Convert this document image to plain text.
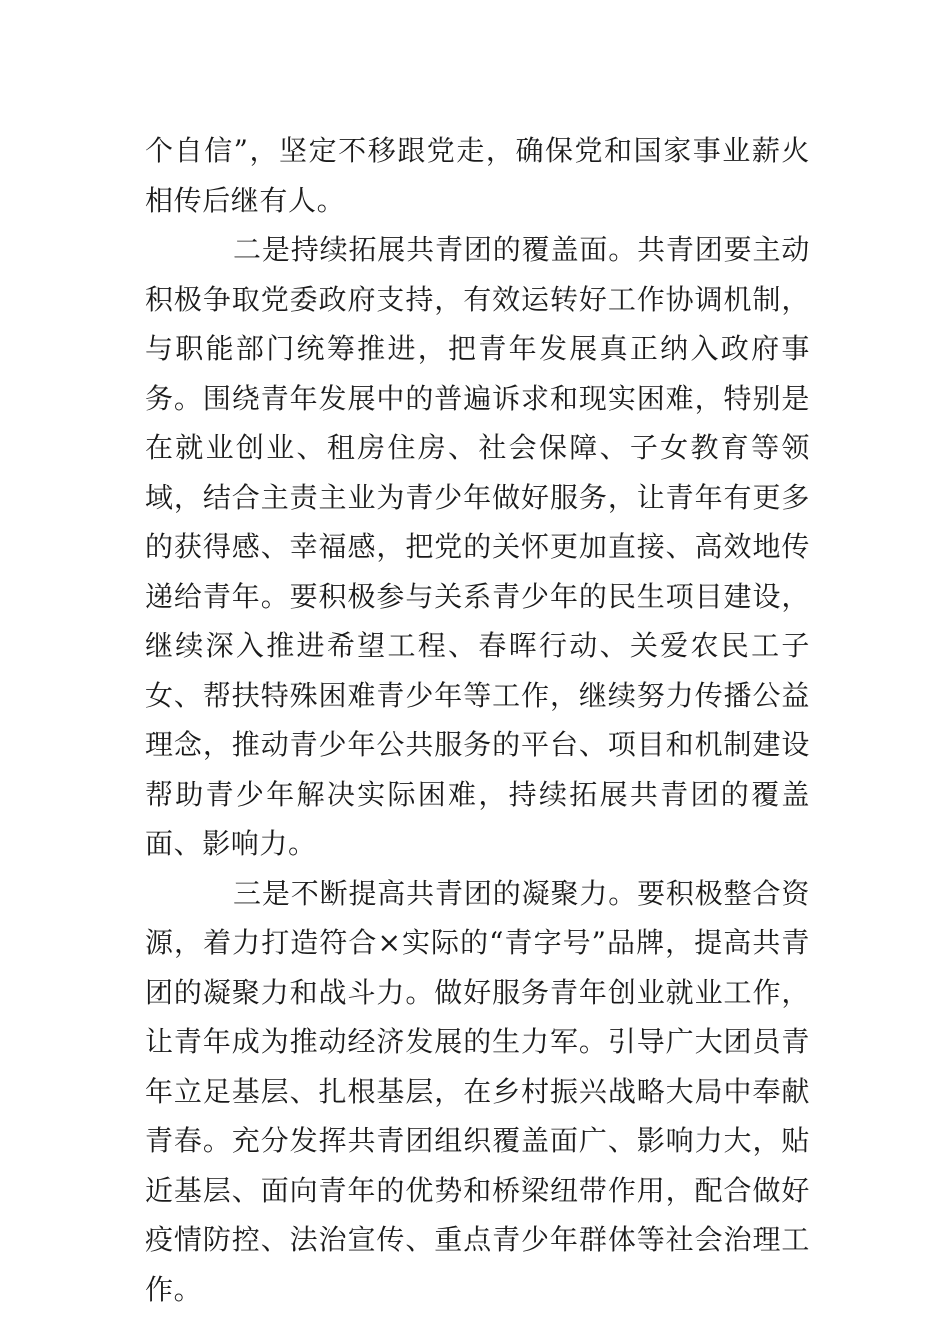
个自信”，坚定不移跟党走，确保党和国家事业薪火相传后继有人。

二是持续拓展共青团的覆盖面。共青团要主动积极争取党委政府支持，有效运转好工作协调机制，与职能部门统筹推进，把青年发展真正纳入政府事务。围绕青年发展中的普遍诉求和现实困难，特别是在就业创业、租房住房、社会保障、子女教育等领域，结合主责主业为青少年做好服务，让青年有更多的获得感、幸福感，把党的关怀更加直接、高效地传递给青年。要积极参与关系青少年的民生项目建设，继续深入推进希望工程、春晖行动、关爱农民工子女、帮扶特殊困难青少年等工作，继续努力传播公益理念，推动青少年公共服务的平台、项目和机制建设帮助青少年解决实际困难，持续拓展共青团的覆盖面、影响力。

三是不断提高共青团的凝聚力。要积极整合资源，着力打造符合×实际的“青字号”品牌，提高共青团的凝聚力和战斗力。做好服务青年创业就业工作，让青年成为推动经济发展的生力军。引导广大团员青年立足基层、扎根基层，在乡村振兴战略大局中奉献青春。充分发挥共青团组织覆盖面广、影响力大，贴近基层、面向青年的优势和桥梁纽带作用，配合做好疫情防控、法治宣传、重点青少年群体等社会治理工作。
